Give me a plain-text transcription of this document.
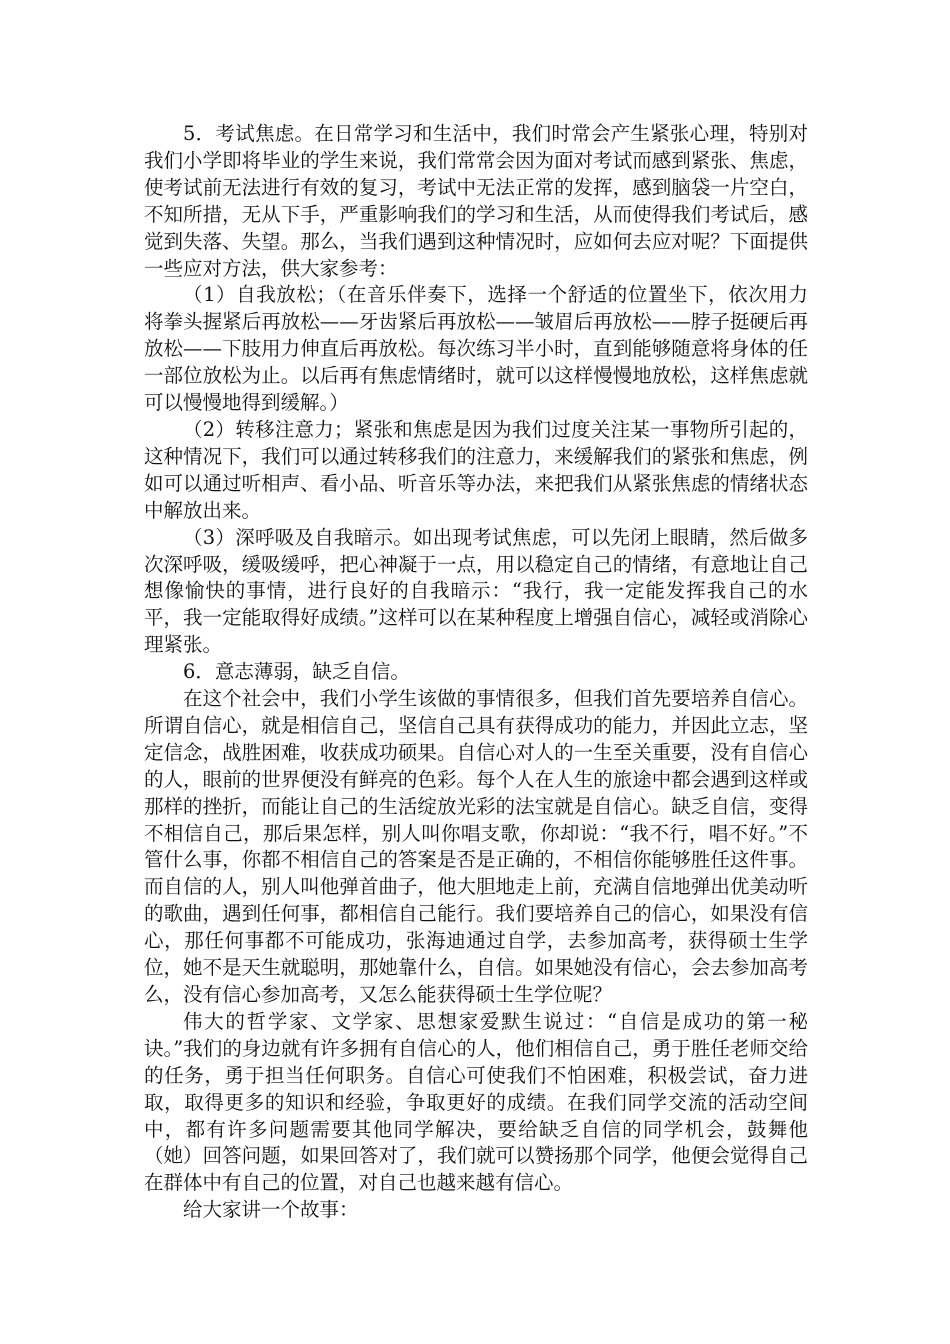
5．考试焦虑。在日常学习和生活中，我们时常会产生紧张心理，特别对我们小学即将毕业的学生来说，我们常常会因为面对考试而感到紧张、焦虑，使考试前无法进行有效的复习，考试中无法正常的发挥，感到脑袋一片空白，不知所措，无从下手，严重影响我们的学习和生活，从而使得我们考试后，感觉到失落、失望。那么，当我们遇到这种情况时，应如何去应对呢？下面提供一些应对方法，供大家参考：

（1）自我放松；（在音乐伴奏下，选择一个舒适的位置坐下，依次用力将拳头握紧后再放松——牙齿紧后再放松——皱眉后再放松——脖子挺硬后再放松——下肢用力伸直后再放松。每次练习半小时，直到能够随意将身体的任一部位放松为止。以后再有焦虑情绪时，就可以这样慢慢地放松，这样焦虑就可以慢慢地得到缓解。）

（2）转移注意力；紧张和焦虑是因为我们过度关注某一事物所引起的，这种情况下，我们可以通过转移我们的注意力，来缓解我们的紧张和焦虑，例如可以通过听相声、看小品、听音乐等办法，来把我们从紧张焦虑的情绪状态中解放出来。

（3）深呼吸及自我暗示。如出现考试焦虑，可以先闭上眼睛，然后做多次深呼吸，缓吸缓呼，把心神凝于一点，用以稳定自己的情绪，有意地让自己想像愉快的事情，进行良好的自我暗示：“我行，我一定能发挥我自己的水平，我一定能取得好成绩。”这样可以在某种程度上增强自信心，减轻或消除心理紧张。

6．意志薄弱，缺乏自信。

在这个社会中，我们小学生该做的事情很多，但我们首先要培养自信心。所谓自信心，就是相信自己，坚信自己具有获得成功的能力，并因此立志，坚定信念，战胜困难，收获成功硕果。自信心对人的一生至关重要，没有自信心的人，眼前的世界便没有鲜亮的色彩。每个人在人生的旅途中都会遇到这样或那样的挫折，而能让自己的生活绽放光彩的法宝就是自信心。缺乏自信，变得不相信自己，那后果怎样，别人叫你唱支歌，你却说：“我不行，唱不好。”不管什么事，你都不相信自己的答案是否是正确的，不相信你能够胜任这件事。而自信的人，别人叫他弹首曲子，他大胆地走上前，充满自信地弹出优美动听的歌曲，遇到任何事，都相信自己能行。我们要培养自己的信心，如果没有信心，那任何事都不可能成功，张海迪通过自学，去参加高考，获得硕士生学位，她不是天生就聪明，那她靠什么，自信。如果她没有信心，会去参加高考么，没有信心参加高考，又怎么能获得硕士生学位呢？

伟大的哲学家、文学家、思想家爱默生说过：“自信是成功的第一秘诀。”我们的身边就有许多拥有自信心的人，他们相信自己，勇于胜任老师交给的任务，勇于担当任何职务。自信心可使我们不怕困难，积极尝试，奋力进取，取得更多的知识和经验，争取更好的成绩。在我们同学交流的活动空间中，都有许多问题需要其他同学解决，要给缺乏自信的同学机会，鼓舞他（她）回答问题，如果回答对了，我们就可以赞扬那个同学，他便会觉得自己在群体中有自己的位置，对自己也越来越有信心。

给大家讲一个故事：
